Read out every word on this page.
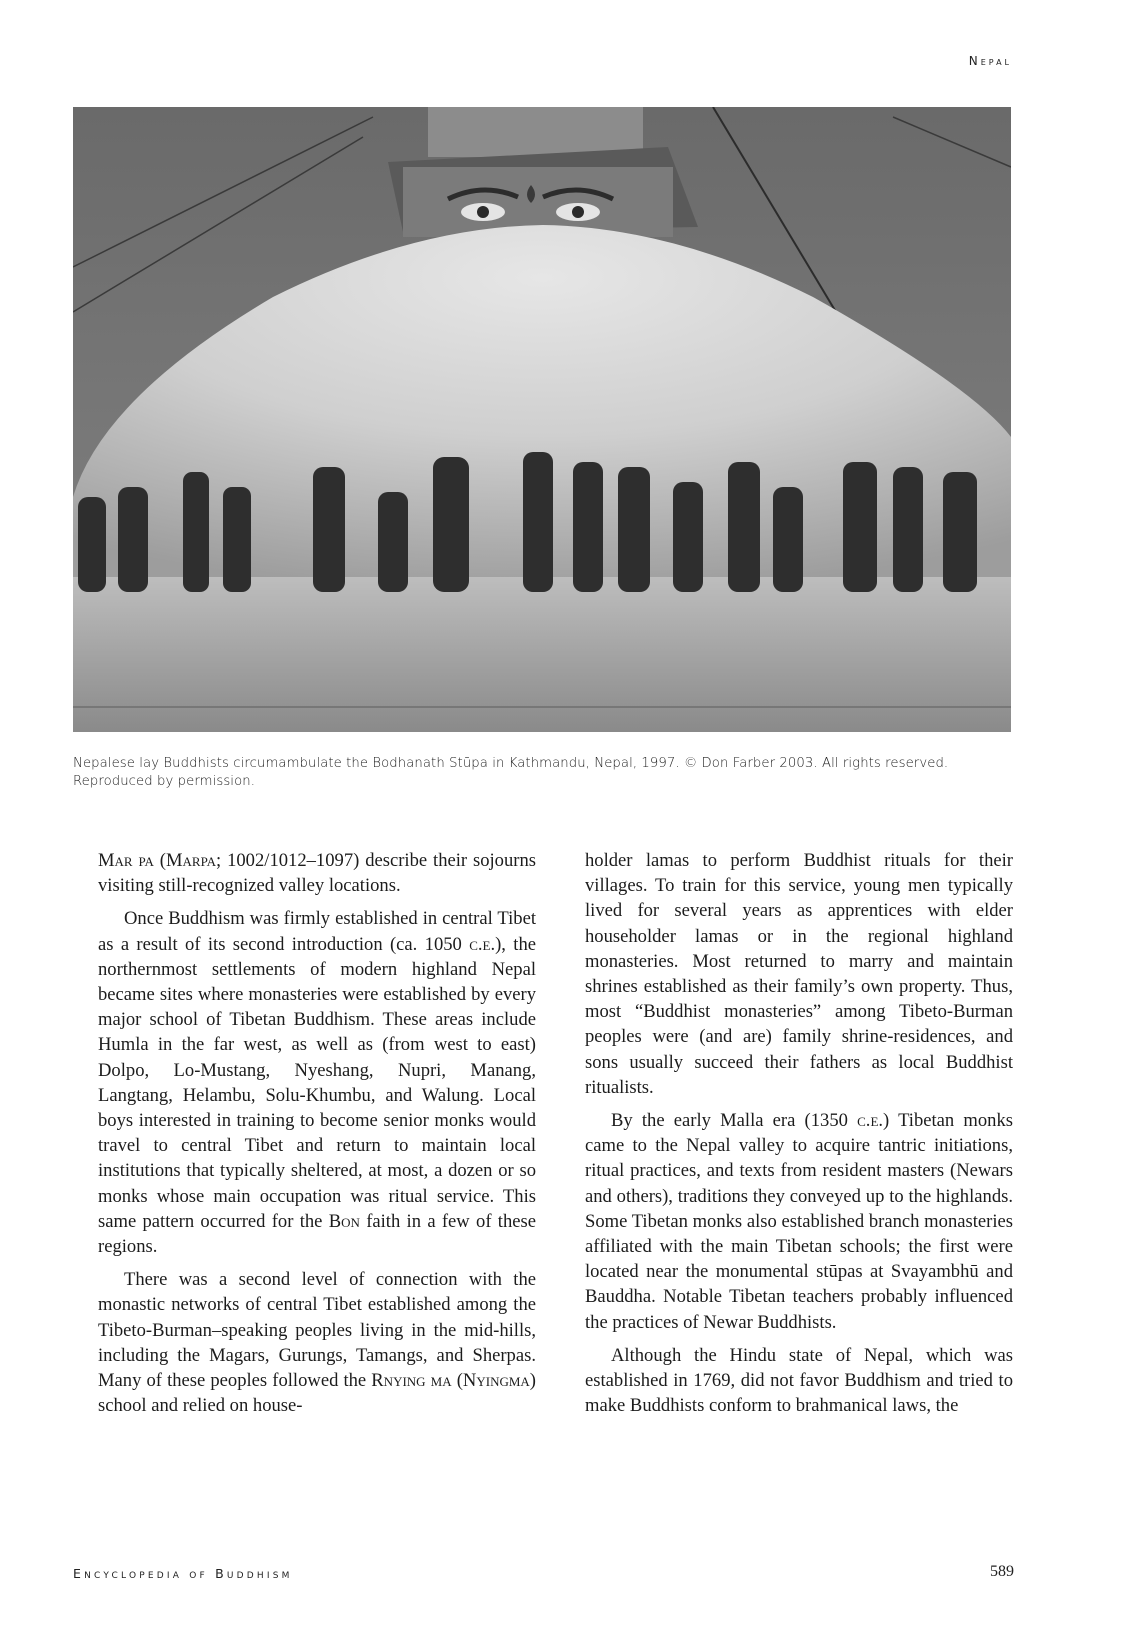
Nepal
Nepalese lay Buddhists circumambulate the Bodhanath Stūpa in Kathmandu, Nepal, 1997. © Don Farber 2003. All rights reserved.
Reproduced by permission.

Mar pa (Marpa; 1002/1012–1097) describe their sojourns visiting still-recognized valley locations.

Once Buddhism was firmly established in central Tibet as a result of its second introduction (ca. 1050 c.e.), the northernmost settlements of modern highland Nepal became sites where monasteries were established by every major school of Tibetan Buddhism. These areas include Humla in the far west, as well as (from west to east) Dolpo, Lo-Mustang, Nyeshang, Nupri, Manang, Langtang, Helambu, Solu-Khumbu, and Walung. Local boys interested in training to become senior monks would travel to central Tibet and return to maintain local institutions that typically sheltered, at most, a dozen or so monks whose main occupation was ritual service. This same pattern occurred for the Bon faith in a few of these regions.

There was a second level of connection with the monastic networks of central Tibet established among the Tibeto-Burman–speaking peoples living in the mid-hills, including the Magars, Gurungs, Tamangs, and Sherpas. Many of these peoples followed the Rnying ma (Nyingma) school and relied on house-

holder lamas to perform Buddhist rituals for their villages. To train for this service, young men typically lived for several years as apprentices with elder householder lamas or in the regional highland monasteries. Most returned to marry and maintain shrines established as their family’s own property. Thus, most “Buddhist monasteries” among Tibeto-Burman peoples were (and are) family shrine-residences, and sons usually succeed their fathers as local Buddhist ritualists.

By the early Malla era (1350 c.e.) Tibetan monks came to the Nepal valley to acquire tantric initiations, ritual practices, and texts from resident masters (Newars and others), traditions they conveyed up to the highlands. Some Tibetan monks also established branch monasteries affiliated with the main Tibetan schools; the first were located near the monumental stūpas at Svayambhū and Bauddha. Notable Tibetan teachers probably influenced the practices of Newar Buddhists.

Although the Hindu state of Nepal, which was established in 1769, did not favor Buddhism and tried to make Buddhists conform to brahmanical laws, the

Encyclopedia of Buddhism	589
